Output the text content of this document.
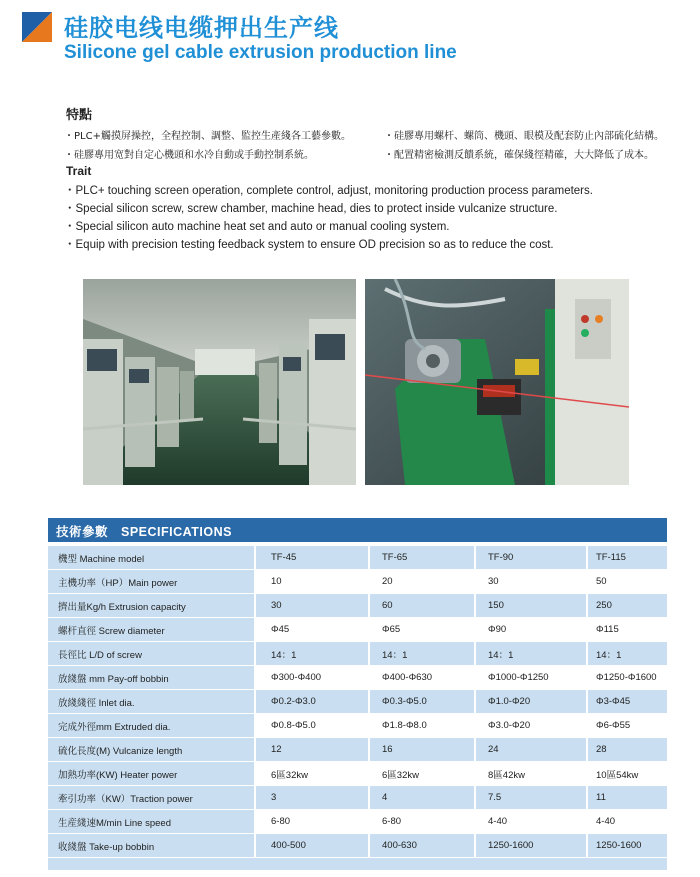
硅胶电线电缆押出生产线
Silicone gel cable extrusion production line
特點
・PLC+觸摸屏操控，全程控制、調整、監控生產綫各工藝參數。	・硅膠專用螺杆、螺筒、機頭、眼模及配套防止內部硫化結構。
・硅膠專用宽對自定心機頭和水冷自動或手動控制系統。	・配置精密檢測反饋系統，確保綫徑精確，大大降低了成本。
Trait
・PLC+ touching screen operation, complete control, adjust, monitoring production process parameters.
・Special silicon screw, screw chamber, machine head, dies to protect inside vulcanize structure.
・Special silicon auto machine heat set and auto or manual cooling system.
・Equip with precision testing feedback system to ensure OD precision so as to reduce the cost.
技術參數　SPECIFICATIONS
機型 Machine model	TF-45	TF-65	TF-90	TF-115
主機功率（HP）Main power	10	20	30	50
擠出量Kg/h Extrusion capacity	30	60	150	250
螺杆直徑 Screw diameter	Φ45	Φ65	Φ90	Φ115
長徑比 L/D of screw	14：1	14：1	14：1	14：1
放綫盤 mm Pay-off bobbin	Φ300-Φ400	Φ400-Φ630	Φ1000-Φ1250	Φ1250-Φ1600
放綫綫徑 Inlet dia.	Φ0.2-Φ3.0	Φ0.3-Φ5.0	Φ1.0-Φ20	Φ3-Φ45
完成外徑mm Extruded dia.	Φ0.8-Φ5.0	Φ1.8-Φ8.0	Φ3.0-Φ20	Φ6-Φ55
硫化長度(M) Vulcanize length	12	16	24	28
加熱功率(KW) Heater power	6區32kw	6區32kw	8區42kw	10區54kw
牽引功率（KW）Traction power	3	4	7.5	11
生産綫速M/min Line speed	6-80	6-80	4-40	4-40
收綫盤 Take-up bobbin	400-500	400-630	1250-1600	1250-1600
